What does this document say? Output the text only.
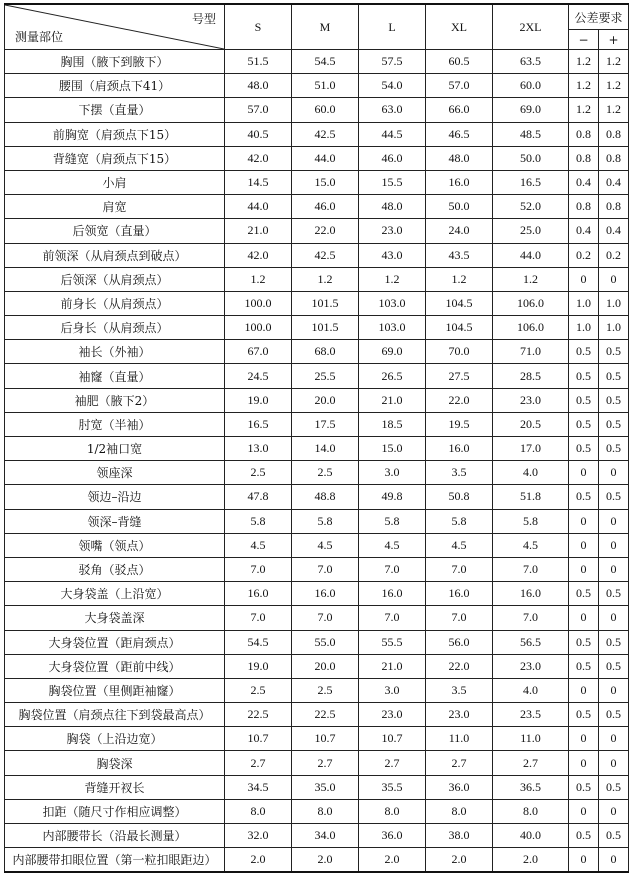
号型
测量部位	S	M	L	XL	2XL	公差要求	
						−	+
胸围（腋下到腋下）	51.5	54.5	57.5	60.5	63.5	1.2	1.2
腰围（肩颈点下41）	48.0	51.0	54.0	57.0	60.0	1.2	1.2
下摆（直量）	57.0	60.0	63.0	66.0	69.0	1.2	1.2
前胸宽（肩颈点下15）	40.5	42.5	44.5	46.5	48.5	0.8	0.8
背缝宽（肩颈点下15）	42.0	44.0	46.0	48.0	50.0	0.8	0.8
小肩	14.5	15.0	15.5	16.0	16.5	0.4	0.4
肩宽	44.0	46.0	48.0	50.0	52.0	0.8	0.8
后领宽（直量）	21.0	22.0	23.0	24.0	25.0	0.4	0.4
前领深（从肩颈点到破点）	42.0	42.5	43.0	43.5	44.0	0.2	0.2
后领深（从肩颈点）	1.2	1.2	1.2	1.2	1.2	0	0
前身长（从肩颈点）	100.0	101.5	103.0	104.5	106.0	1.0	1.0
后身长（从肩颈点）	100.0	101.5	103.0	104.5	106.0	1.0	1.0
袖长（外袖）	67.0	68.0	69.0	70.0	71.0	0.5	0.5
袖窿（直量）	24.5	25.5	26.5	27.5	28.5	0.5	0.5
袖肥（腋下2）	19.0	20.0	21.0	22.0	23.0	0.5	0.5
肘宽（半袖）	16.5	17.5	18.5	19.5	20.5	0.5	0.5
1/2袖口宽	13.0	14.0	15.0	16.0	17.0	0.5	0.5
领座深	2.5	2.5	3.0	3.5	4.0	0	0
领边–沿边	47.8	48.8	49.8	50.8	51.8	0.5	0.5
领深–背缝	5.8	5.8	5.8	5.8	5.8	0	0
领嘴（领点）	4.5	4.5	4.5	4.5	4.5	0	0
驳角（驳点）	7.0	7.0	7.0	7.0	7.0	0	0
大身袋盖（上沿宽）	16.0	16.0	16.0	16.0	16.0	0.5	0.5
大身袋盖深	7.0	7.0	7.0	7.0	7.0	0	0
大身袋位置（距肩颈点）	54.5	55.0	55.5	56.0	56.5	0.5	0.5
大身袋位置（距前中线）	19.0	20.0	21.0	22.0	23.0	0.5	0.5
胸袋位置（里侧距袖窿）	2.5	2.5	3.0	3.5	4.0	0	0
胸袋位置（肩颈点往下到袋最高点）	22.5	22.5	23.0	23.0	23.5	0.5	0.5
胸袋（上沿边宽）	10.7	10.7	10.7	11.0	11.0	0	0
胸袋深	2.7	2.7	2.7	2.7	2.7	0	0
背缝开衩长	34.5	35.0	35.5	36.0	36.5	0.5	0.5
扣距（随尺寸作相应调整）	8.0	8.0	8.0	8.0	8.0	0	0
内部腰带长（沿最长测量）	32.0	34.0	36.0	38.0	40.0	0.5	0.5
内部腰带扣眼位置（第一粒扣眼距边）	2.0	2.0	2.0	2.0	2.0	0	0
